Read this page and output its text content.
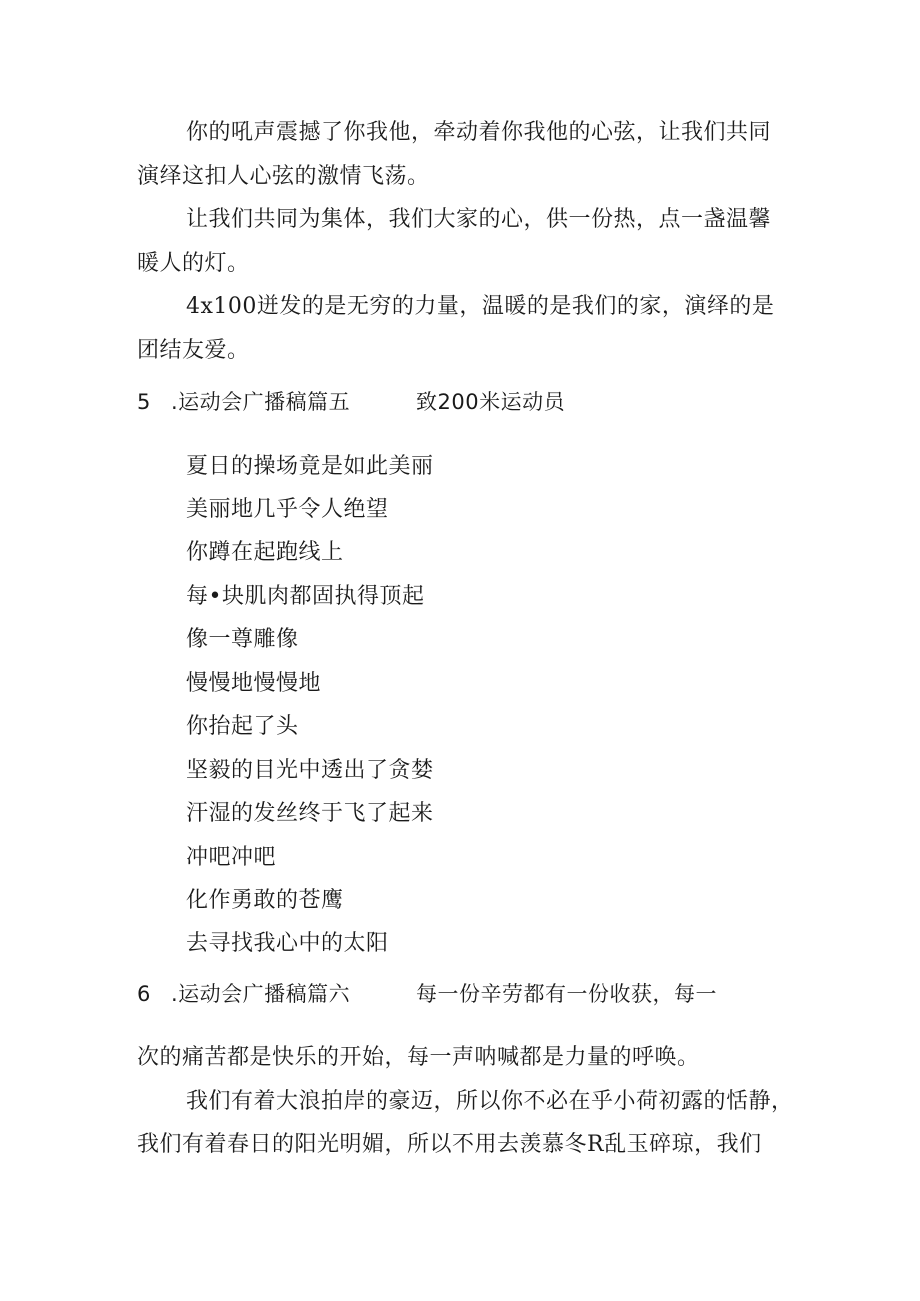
你的吼声震撼了你我他，牵动着你我他的心弦，让我们共同
演绎这扣人心弦的激情飞荡。
让我们共同为集体，我们大家的心，供一份热，点一盏温馨
暖人的灯。
4x100迸发的是无穷的力量，温暖的是我们的家，演绎的是
团结友爱。
5 .运动会广播稿篇五	致200米运动员
夏日的操场竟是如此美丽
美丽地几乎令人绝望
你蹲在起跑线上
每•块肌肉都固执得顶起
像一尊雕像
慢慢地慢慢地
你抬起了头
坚毅的目光中透出了贪婪
汗湿的发丝终于飞了起来
冲吧冲吧
化作勇敢的苍鹰
去寻找我心中的太阳
6 .运动会广播稿篇六	每一份辛劳都有一份收获，每一
次的痛苦都是快乐的开始，每一声呐喊都是力量的呼唤。
我们有着大浪拍岸的豪迈，所以你不必在乎小荷初露的恬静，
我们有着春日的阳光明媚，所以不用去羡慕冬R乱玉碎琼，我们
